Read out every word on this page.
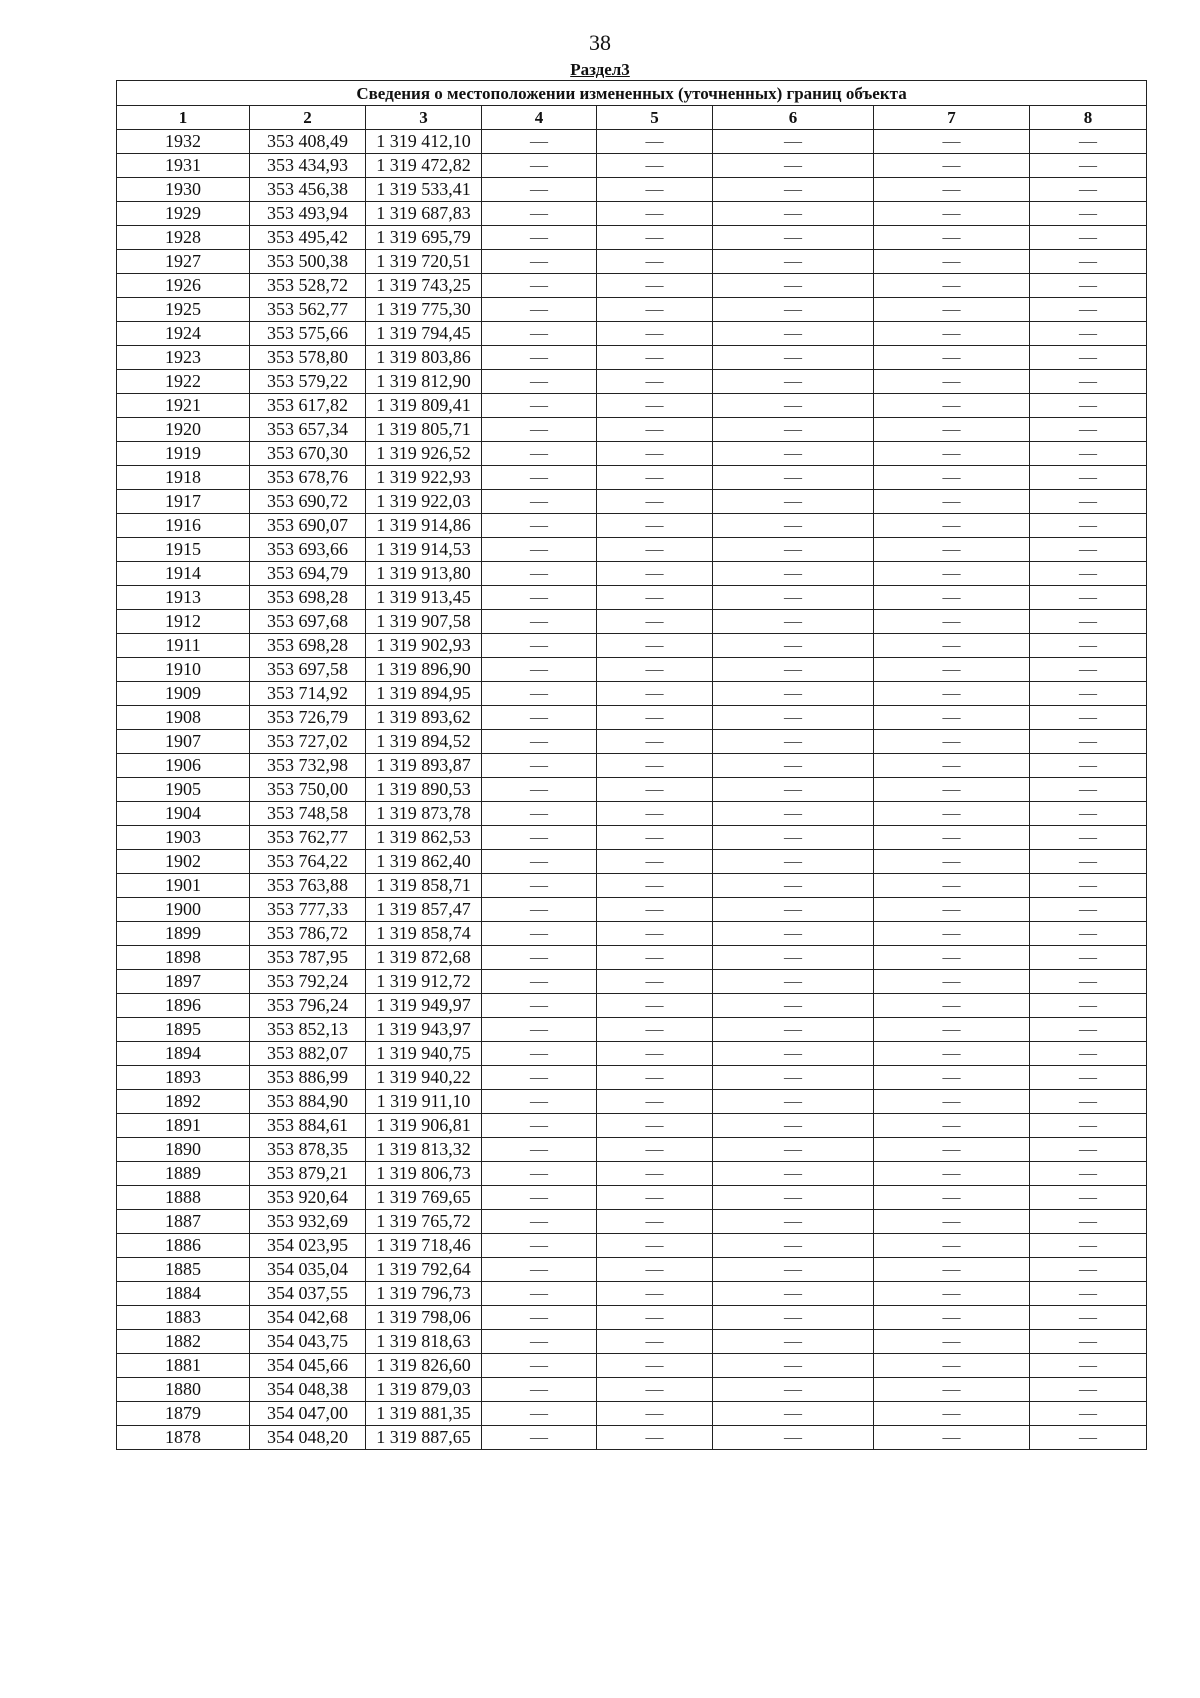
38
Раздел3
Сведения о местоположении измененных (уточненных) границ объекта							
1	2	3	4	5	6	7	8
1932	353 408,49	1 319 412,10	—	—	—	—	—
1931	353 434,93	1 319 472,82	—	—	—	—	—
1930	353 456,38	1 319 533,41	—	—	—	—	—
1929	353 493,94	1 319 687,83	—	—	—	—	—
1928	353 495,42	1 319 695,79	—	—	—	—	—
1927	353 500,38	1 319 720,51	—	—	—	—	—
1926	353 528,72	1 319 743,25	—	—	—	—	—
1925	353 562,77	1 319 775,30	—	—	—	—	—
1924	353 575,66	1 319 794,45	—	—	—	—	—
1923	353 578,80	1 319 803,86	—	—	—	—	—
1922	353 579,22	1 319 812,90	—	—	—	—	—
1921	353 617,82	1 319 809,41	—	—	—	—	—
1920	353 657,34	1 319 805,71	—	—	—	—	—
1919	353 670,30	1 319 926,52	—	—	—	—	—
1918	353 678,76	1 319 922,93	—	—	—	—	—
1917	353 690,72	1 319 922,03	—	—	—	—	—
1916	353 690,07	1 319 914,86	—	—	—	—	—
1915	353 693,66	1 319 914,53	—	—	—	—	—
1914	353 694,79	1 319 913,80	—	—	—	—	—
1913	353 698,28	1 319 913,45	—	—	—	—	—
1912	353 697,68	1 319 907,58	—	—	—	—	—
1911	353 698,28	1 319 902,93	—	—	—	—	—
1910	353 697,58	1 319 896,90	—	—	—	—	—
1909	353 714,92	1 319 894,95	—	—	—	—	—
1908	353 726,79	1 319 893,62	—	—	—	—	—
1907	353 727,02	1 319 894,52	—	—	—	—	—
1906	353 732,98	1 319 893,87	—	—	—	—	—
1905	353 750,00	1 319 890,53	—	—	—	—	—
1904	353 748,58	1 319 873,78	—	—	—	—	—
1903	353 762,77	1 319 862,53	—	—	—	—	—
1902	353 764,22	1 319 862,40	—	—	—	—	—
1901	353 763,88	1 319 858,71	—	—	—	—	—
1900	353 777,33	1 319 857,47	—	—	—	—	—
1899	353 786,72	1 319 858,74	—	—	—	—	—
1898	353 787,95	1 319 872,68	—	—	—	—	—
1897	353 792,24	1 319 912,72	—	—	—	—	—
1896	353 796,24	1 319 949,97	—	—	—	—	—
1895	353 852,13	1 319 943,97	—	—	—	—	—
1894	353 882,07	1 319 940,75	—	—	—	—	—
1893	353 886,99	1 319 940,22	—	—	—	—	—
1892	353 884,90	1 319 911,10	—	—	—	—	—
1891	353 884,61	1 319 906,81	—	—	—	—	—
1890	353 878,35	1 319 813,32	—	—	—	—	—
1889	353 879,21	1 319 806,73	—	—	—	—	—
1888	353 920,64	1 319 769,65	—	—	—	—	—
1887	353 932,69	1 319 765,72	—	—	—	—	—
1886	354 023,95	1 319 718,46	—	—	—	—	—
1885	354 035,04	1 319 792,64	—	—	—	—	—
1884	354 037,55	1 319 796,73	—	—	—	—	—
1883	354 042,68	1 319 798,06	—	—	—	—	—
1882	354 043,75	1 319 818,63	—	—	—	—	—
1881	354 045,66	1 319 826,60	—	—	—	—	—
1880	354 048,38	1 319 879,03	—	—	—	—	—
1879	354 047,00	1 319 881,35	—	—	—	—	—
1878	354 048,20	1 319 887,65	—	—	—	—	—
